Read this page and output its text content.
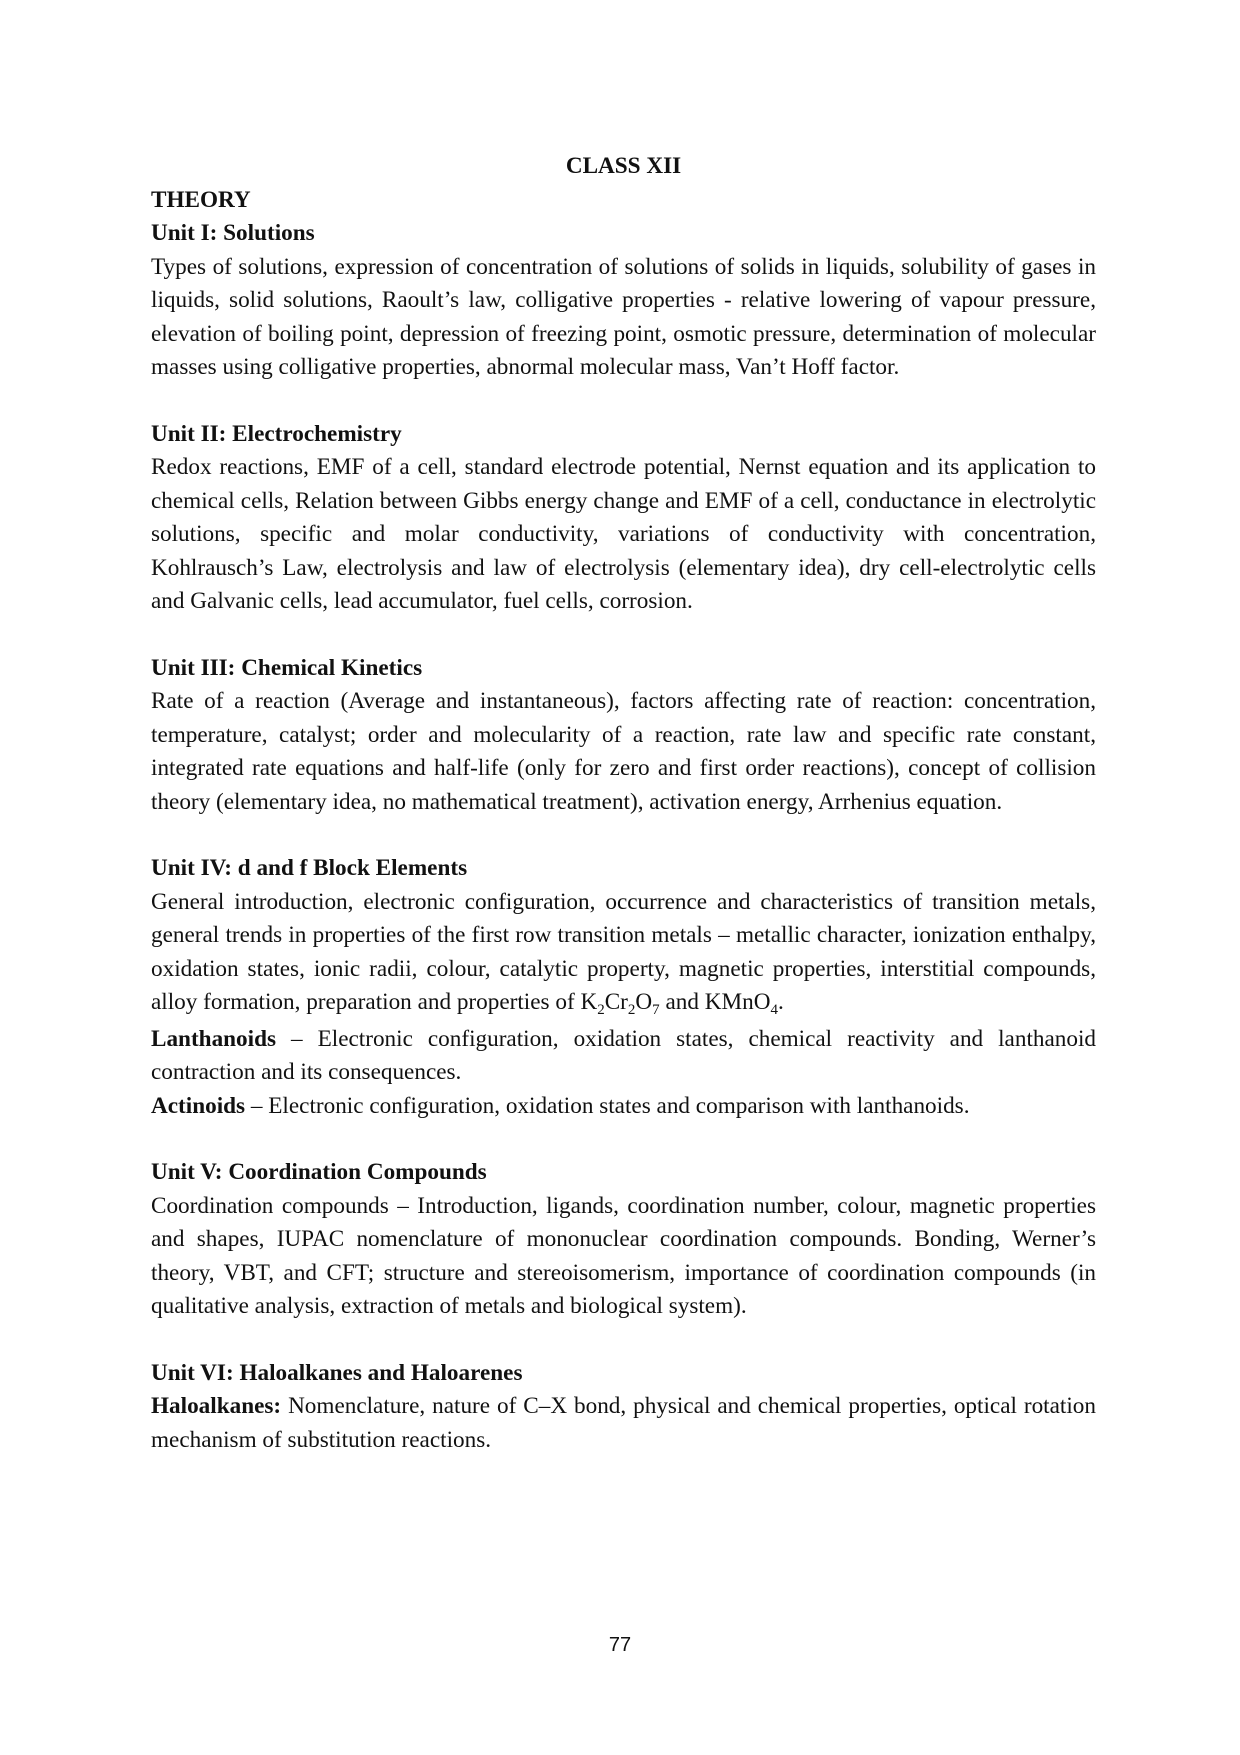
CLASS XII

THEORY

Unit I: Solutions

Types of solutions, expression of concentration of solutions of solids in liquids, solubility of gases in liquids, solid solutions, Raoult’s law, colligative properties - relative lowering of vapour pressure, elevation of boiling point, depression of freezing point, osmotic pressure, determination of molecular masses using colligative properties, abnormal molecular mass, Van’t Hoff factor.

Unit II: Electrochemistry

Redox reactions, EMF of a cell, standard electrode potential, Nernst equation and its application to chemical cells, Relation between Gibbs energy change and EMF of a cell, conductance in electrolytic solutions, specific and molar conductivity, variations of conductivity with concentration, Kohlrausch’s Law, electrolysis and law of electrolysis (elementary idea), dry cell-electrolytic cells and Galvanic cells, lead accumulator, fuel cells, corrosion.

Unit III: Chemical Kinetics

Rate of a reaction (Average and instantaneous), factors affecting rate of reaction: concentration, temperature, catalyst; order and molecularity of a reaction, rate law and specific rate constant, integrated rate equations and half-life (only for zero and first order reactions), concept of collision theory (elementary idea, no mathematical treatment), activation energy, Arrhenius equation.

Unit IV: d and f Block Elements

General introduction, electronic configuration, occurrence and characteristics of transition metals, general trends in properties of the first row transition metals – metallic character, ionization enthalpy, oxidation states, ionic radii, colour, catalytic property, magnetic properties, interstitial compounds, alloy formation, preparation and properties of $K_2Cr_2O_7$ and KMnO$_4$.

Lanthanoids – Electronic configuration, oxidation states, chemical reactivity and lanthanoid contraction and its consequences.

Actinoids – Electronic configuration, oxidation states and comparison with lanthanoids.

Unit V: Coordination Compounds

Coordination compounds – Introduction, ligands, coordination number, colour, magnetic properties and shapes, IUPAC nomenclature of mononuclear coordination compounds. Bonding, Werner’s theory, VBT, and CFT; structure and stereoisomerism, importance of coordination compounds (in qualitative analysis, extraction of metals and biological system).

Unit VI: Haloalkanes and Haloarenes

Haloalkanes: Nomenclature, nature of C–X bond, physical and chemical properties, optical rotation mechanism of substitution reactions.

77
